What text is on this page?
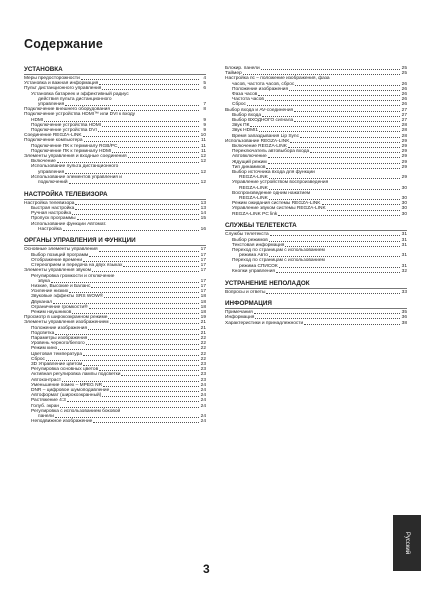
Содержание
УСТАНОВКА
Меры предосторожности	4
Установка и важная информация	5
Пульт дистанционного управления	6
Установка батареек и эффективный радиус
действия пульта дистанционного
управления	7
Подключение внешнего оборудования	8
Подключение устройства HDMI™ или DVI к входу
HDMI	9
Подключение устройства HDMI	9
Подключение устройства DVI	9
Соединение REGZA-LINK	10
Подключение компьютера	11
Подключение ПК к терминалу RGB/PC	11
Подключение ПК к терминалу HDMI	11
Элементы управления и входные соединения	12
Включение	12
Использование пульта дистанционного
управления	12
Использование элементов управления и
подключений	12
НАСТРОЙКА ТЕЛЕВИЗОРА
Настройка телевизора	13
Быстрая настройка	13
Ручная настройка	14
Пропуск программы	15
Использование функции Автомат.
Настройка	16
ОРГАНЫ УПРАВЛЕНИЯ И ФУНКЦИИ
Основные элементы управления	17
Выбор позиций программ	17
Отображение времени	17
Стереоприем и передача на двух языках	17
Элементы управления звуком	17
Регулировка громкости и отключение
звука	17
Низкие, Высокие и Баланс	17
Усиление низких	17
Звуковые эффекты SRS WOW®	18
Двуканал	18
Ограничение громкости®	18
Режим наушников	18
Просмотр в широкоэкранном режиме	19
Элементы управления изображением	21
Положение изображения	21
Подсветка	21
Параметры изображения	22
Уровень черного/белого	22
Режим кино	22
Цветовая температура	22
Сброс	22
3D Управление цветом	23
Регулировка основных цветов	23
Активная регулировка лампы подсветки	23
Автоконтраст	23
Уменьшение помех – MPEG NR	24
DNR – цифровое шумоподавление	24
Автоформат (широкоэкранный)	24
Растяжение 4:3	24
Голуб. экран	24
Регулировка с использованием боковой
панели	24
Неподвижное изображение	24
Блокир. панели	25
Таймер	25
Настройка пс – положение изображения, фаза
часов, частота часов, сброс	26
Положение изображения	26
Фаза часов	26
Частота часов	26
Сброс	26
Выбор входа и AV-соединения	27
Выбор входа	27
Выбор ВХОДНОГО сигнала	27
Звук ПК	28
Звук HDMI1	28
Время запаздывания Lip Sync	28
Использование REGZA-LINK	29
Включение REGZA-LINK	29
Переключатель автовыбора входа	29
Автовключение	29
Ждущий режим	29
Тип динамиков	29
Выбор источника входа для функции
REGZA-LINK	29
Управление устройством воспроизведения
REGZA-LINK	30
Воспроизведение одним нажатием
REGZA-LINK	30
Режим ожидания системы REGZA-LINK	30
Управление звуком системы REGZA-LINK	30
REGZA-LINK PC link	30
СЛУЖБЫ ТЕЛЕТЕКСТА
Службы телетекста	31
Выбор режимов	31
Текстовая информация	31
Переход по страницам с использованием
режима Авто	31
Переход по страницам с использованием
режима СПИСОК	31
Кнопки управления	32
УСТРАНЕНИЕ НЕПОЛАДОК
Вопросы и ответы	33
ИНФОРМАЦИЯ
Примечания	35
Информация	36
Характеристики и принадлежности	38
3
Русский
